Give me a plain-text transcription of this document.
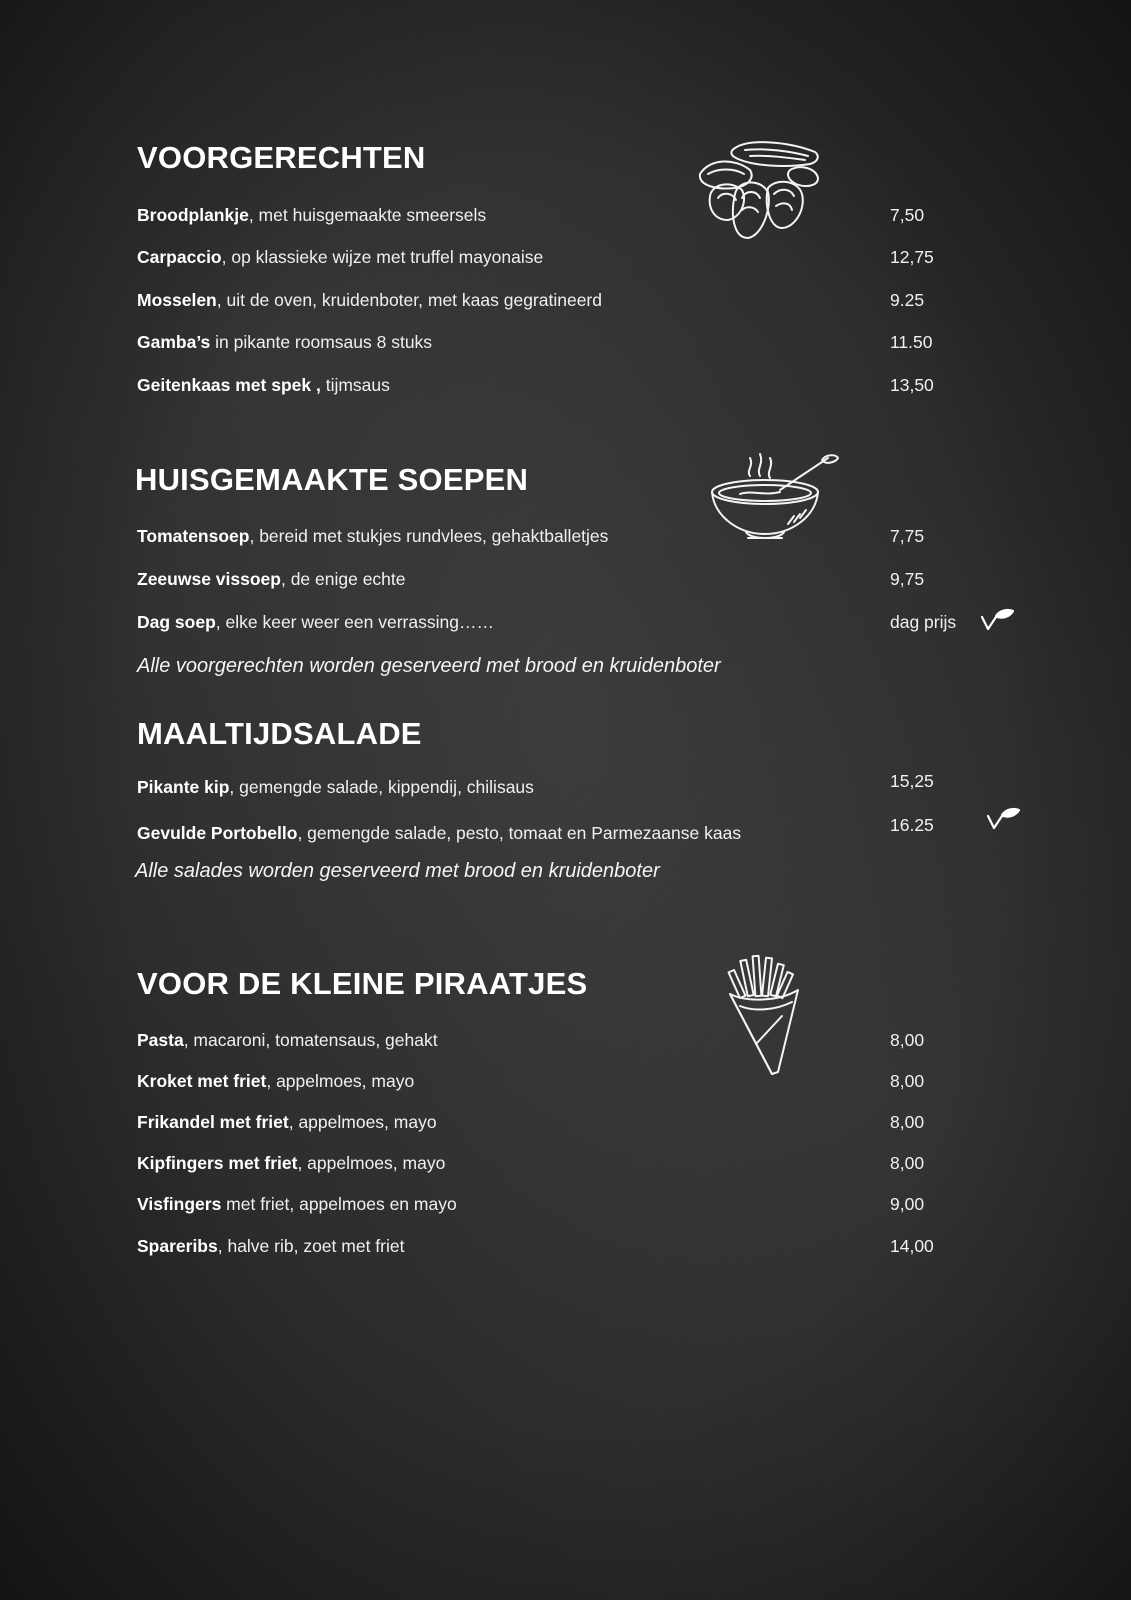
VOORGERECHTEN
Broodplankje, met huisgemaakte smeersels	7,50
Carpaccio, op klassieke wijze met truffel mayonaise	12,75
Mosselen, uit de oven, kruidenboter, met kaas gegratineerd	9.25
Gamba’s in pikante roomsaus 8 stuks	11.50
Geitenkaas met spek , tijmsaus	13,50
HUISGEMAAKTE SOEPEN
Tomatensoep, bereid met stukjes rundvlees, gehaktballetjes	7,75
Zeeuwse vissoep, de enige echte	9,75
Dag soep, elke keer weer een verrassing……	dag prijs
Alle voorgerechten worden geserveerd met brood en kruidenboter
MAALTIJDSALADE
Pikante kip, gemengde salade, kippendij, chilisaus	15,25
Gevulde Portobello, gemengde salade, pesto, tomaat en Parmezaanse kaas	16.25
Alle salades worden geserveerd met brood en kruidenboter
VOOR DE KLEINE PIRAATJES
Pasta, macaroni, tomatensaus, gehakt	8,00
Kroket met friet, appelmoes, mayo	8,00
Frikandel met friet, appelmoes, mayo	8,00
Kipfingers met friet, appelmoes, mayo	8,00
Visfingers met friet, appelmoes en mayo	9,00
Spareribs, halve rib, zoet met friet	14,00
